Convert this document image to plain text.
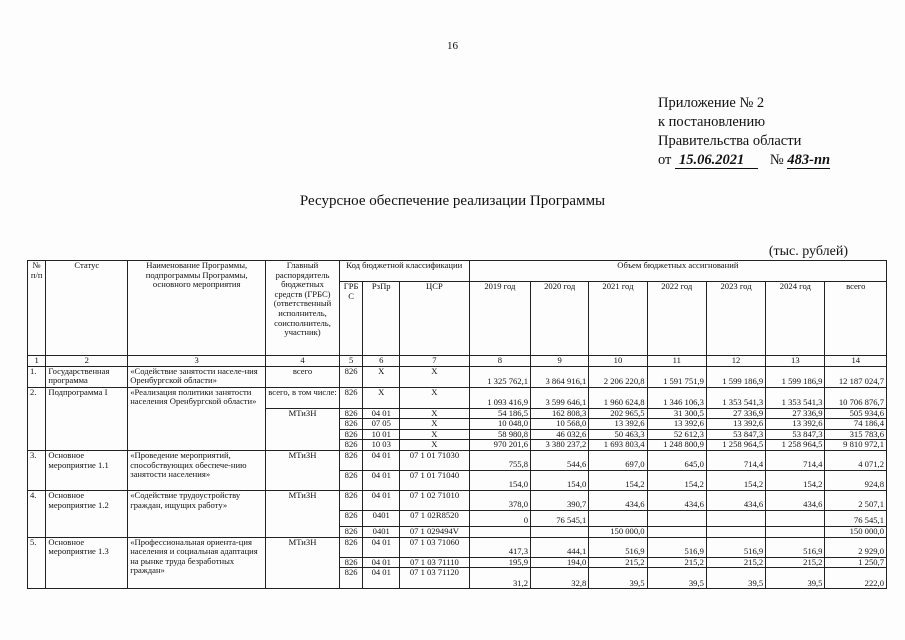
16
Приложение № 2
к постановлению
Правительства области
от 15.06.2021 № 483-пп
Ресурсное обеспечение реализации Программы
(тыс. рублей)
№ п/п	Статус	Наименование Программы, подпрограммы Программы, основного мероприятия	Главный распорядитель бюджетных средств (ГРБС) (ответственный исполнитель, соисполнитель, участник)	Код бюджетной классификации			Объем бюджетных ассигнований						
				ГРБ С	РзПр	ЦСР	2019 год	2020 год	2021 год	2022 год	2023 год	2024 год	всего
1	2	3	4	5	6	7	8	9	10	11	12	13	14
1.	Государственная программа	«Содействие занятости населе-ния Оренбургской области»	всего	826	Х	Х	1 325 762,1	3 864 916,1	2 206 220,8	1 591 751,9	1 599 186,9	1 599 186,9	12 187 024,7
2.	Подпрограмма I	«Реализация политики занятости населения Оренбургской области»	всего, в том числе:	826	Х	Х	1 093 416,9	3 599 646,1	1 960 624,8	1 346 106,3	1 353 541,3	1 353 541,3	10 706 876,7
			МТиЗН	826	04 01	Х	54 186,5	162 808,3	202 965,5	31 300,5	27 336,9	27 336,9	505 934,6
				826	07 05	Х	10 048,0	10 568,0	13 392,6	13 392,6	13 392,6	13 392,6	74 186,4
				826	10 01	Х	58 980,8	46 032,6	50 463,3	52 612,3	53 847,3	53 847,3	315 783,6
				826	10 03	Х	970 201,6	3 380 237,2	1 693 803,4	1 248 800,9	1 258 964,5	1 258 964,5	9 810 972,1
3.	Основное мероприятие 1.1	«Проведение мероприятий, способствующих обеспече-нию занятости населения»	МТиЗН	826	04 01	07 1 01 71030	755,8	544,6	697,0	645,0	714,4	714,4	4 071,2
				826	04 01	07 1 01 71040	154,0	154,0	154,2	154,2	154,2	154,2	924,8
4.	Основное мероприятие 1.2	«Содействие трудоустройству граждан, ищущих работу»	МТиЗН	826	04 01	07 1 02 71010	378,0	390,7	434,6	434,6	434,6	434,6	2 507,1
				826	0401	07 1 02R8520	0	76 545,1					76 545,1
				826	0401	07 1 029494V			150 000,0				150 000,0
5.	Основное мероприятие 1.3	«Профессиональная ориента-ция населения и социальная адаптация на рынке труда безработных граждан»	МТиЗН	826	04 01	07 1 03 71060	417,3	444,1	516,9	516,9	516,9	516,9	2 929,0
				826	04 01	07 1 03 71110	195,9	194,0	215,2	215,2	215,2	215,2	1 250,7
				826	04 01	07 1 03 71120	31,2	32,8	39,5	39,5	39,5	39,5	222,0
